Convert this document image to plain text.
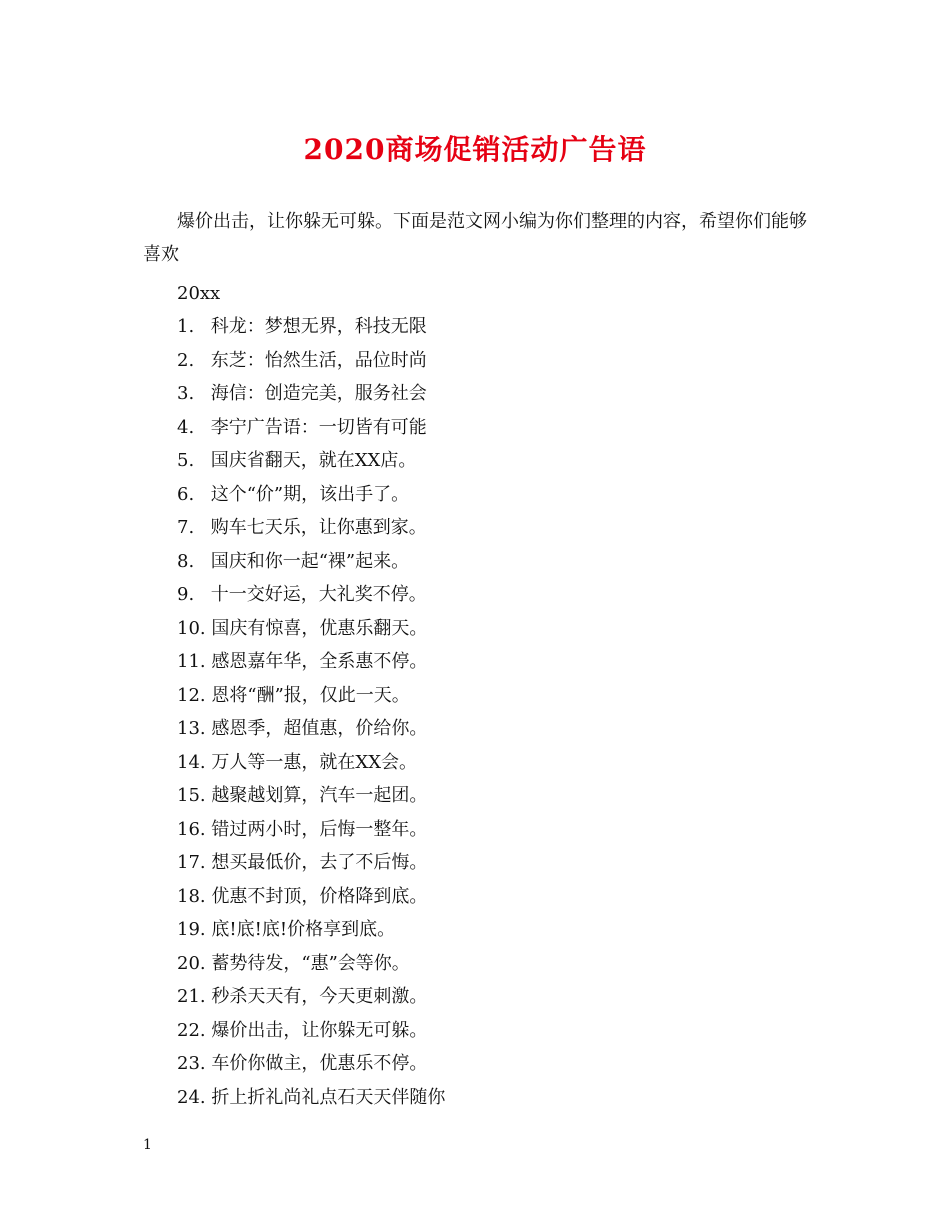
2020商场促销活动广告语
爆价出击，让你躲无可躲。下面是范文网小编为你们整理的内容，希望你们能够喜欢
20xx
1. 科龙：梦想无界，科技无限
2. 东芝：怡然生活，品位时尚
3. 海信：创造完美，服务社会
4. 李宁广告语：一切皆有可能
5. 国庆省翻天，就在XX店。
6. 这个“价”期，该出手了。
7. 购车七天乐，让你惠到家。
8. 国庆和你一起“裸”起来。
9. 十一交好运，大礼奖不停。
10. 国庆有惊喜，优惠乐翻天。
11. 感恩嘉年华，全系惠不停。
12. 恩将“酬”报，仅此一天。
13. 感恩季，超值惠，价给你。
14. 万人等一惠，就在XX会。
15. 越聚越划算，汽车一起团。
16. 错过两小时，后悔一整年。
17. 想买最低价，去了不后悔。
18. 优惠不封顶，价格降到底。
19. 底!底!底!价格享到底。
20. 蓄势待发，“惠”会等你。
21. 秒杀天天有，今天更刺激。
22. 爆价出击，让你躲无可躲。
23. 车价你做主，优惠乐不停。
24. 折上折礼尚礼点石天天伴随你
1
